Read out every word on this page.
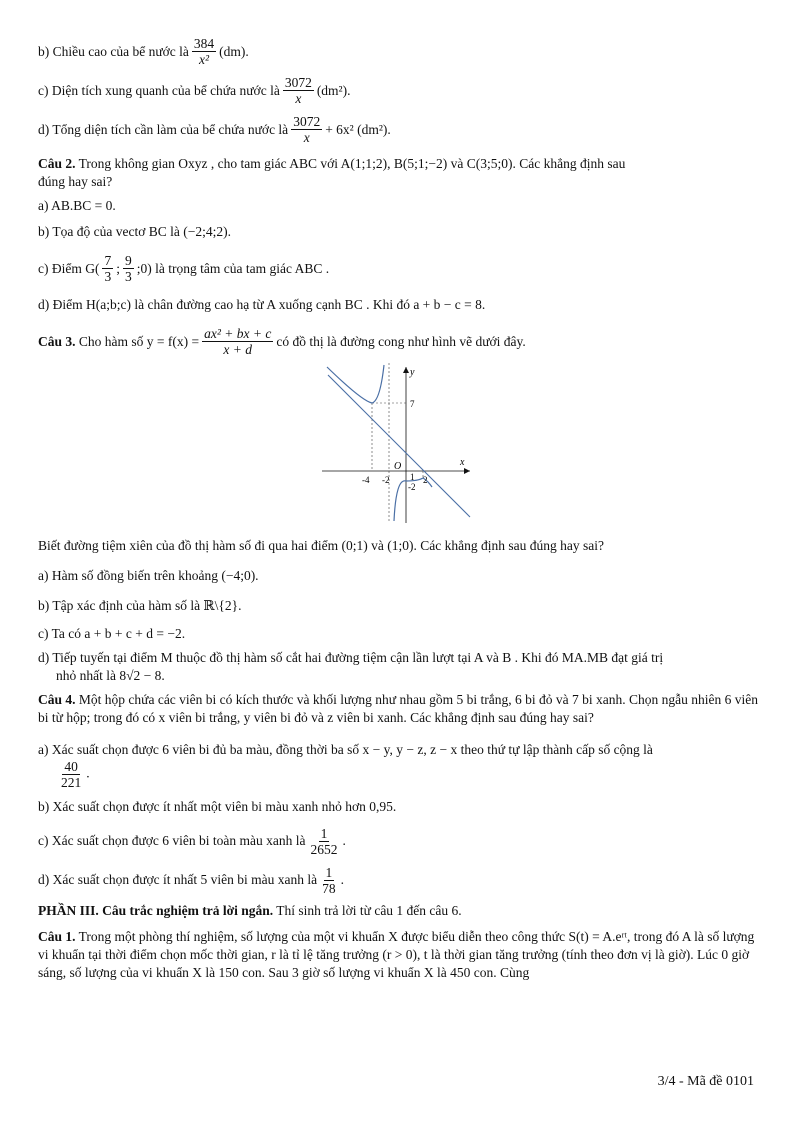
b) Chiều cao của bể nước là $\frac{384}{\text{x²}} (dm)$.
c) Diện tích xung quanh của bể chứa nước là $\frac{3072}{x} (dm^2)$.
d) Tổng diện tích cần làm của bể chứa nước là $\frac{3072}{x} + 6x^2$ (dm²).

Câu 2. Trong không gian Oxyz , cho tam giác ABC với A(1;1;2), B(5;1;−2) và C(3;5;0). Các khẳng định sau

đúng hay sai?

a) AB.BC = 0.

b) Tọa độ của vectơ BC là (−2;4;2).

c) Điểm $G( \frac{7}{3}$ ; $\frac{9}{3}$ ;0) là trọng tâm của tam giác ABC .

d) Điểm H(a;b;c) là chân đường cao hạ từ A xuống cạnh BC . Khi đó a + b − c = 8.

Câu 3.
Cho hàm số $y = f(x) = \frac{\text{ax² + bx + c}}{x + d}$ có đồ thị là đường cong như hình vẽ dưới đây.
y
x
O
7
-4 -2 1 2
-2

Biết đường tiệm xiên của đồ thị hàm số đi qua hai điểm (0;1) và (1;0). Các khẳng định sau đúng hay sai?

a) Hàm số đồng biến trên khoảng (−4;0).

b) Tập xác định của hàm số là ℝ\{2}.

c) Ta có a + b + c + d = −2.

d) Tiếp tuyến tại điểm M thuộc đồ thị hàm số cắt hai đường tiệm cận lần lượt tại A và B . Khi đó MA.MB đạt giá trị

nhỏ nhất là 8√2 − 8.

Câu 4. Một hộp chứa các viên bi có kích thước và khối lượng như nhau gồm 5 bi trắng, 6 bi đỏ và 7 bi xanh. Chọn ngẫu nhiên 6 viên bi từ hộp; trong đó có x viên bi trắng, y viên bi đỏ và z viên bi xanh. Các khẳng định sau đúng hay sai?

a) Xác suất chọn được 6 viên bi đủ ba màu, đồng thời ba số x − y, y − z, z − x theo thứ tự lập thành cấp số cộng là

$\frac{40}{221}$ .

b) Xác suất chọn được ít nhất một viên bi màu xanh nhỏ hơn 0,95.

c) Xác suất chọn được 6 viên bi toàn màu xanh là $\frac{1}{2652}$ .
d) Xác suất chọn được ít nhất 5 viên bi màu xanh là $\frac{1}{78}$ .

PHẦN III. Câu trắc nghiệm trả lời ngắn. Thí sinh trả lời từ câu 1 đến câu 6.

Câu 1. Trong một phòng thí nghiệm, số lượng của một vi khuẩn X được biểu diễn theo công thức S(t) = A.eʳᵗ, trong đó A là số lượng vi khuẩn tại thời điểm chọn mốc thời gian, r là tỉ lệ tăng trưởng (r > 0), t là thời gian tăng trưởng (tính theo đơn vị là giờ). Lúc 0 giờ sáng, số lượng của vi khuẩn X là 150 con. Sau 3 giờ số lượng vi khuẩn X là 450 con. Cùng

3/4 - Mã đề 0101
